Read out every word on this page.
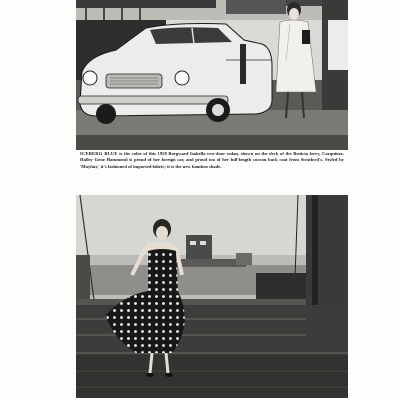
ICEBERG BLUE is the color of this 1958 Borgward Isabella two-door sedan, shown on the deck of the Benicia ferry, Carquinez. Halley Gene Hammond is proud of her foreign car, and proud too of her full-length cocoon back coat from Stratford's. Styled by 'Mayfair,' it's fashioned of imported fabric; it is the new bamboo shade.
